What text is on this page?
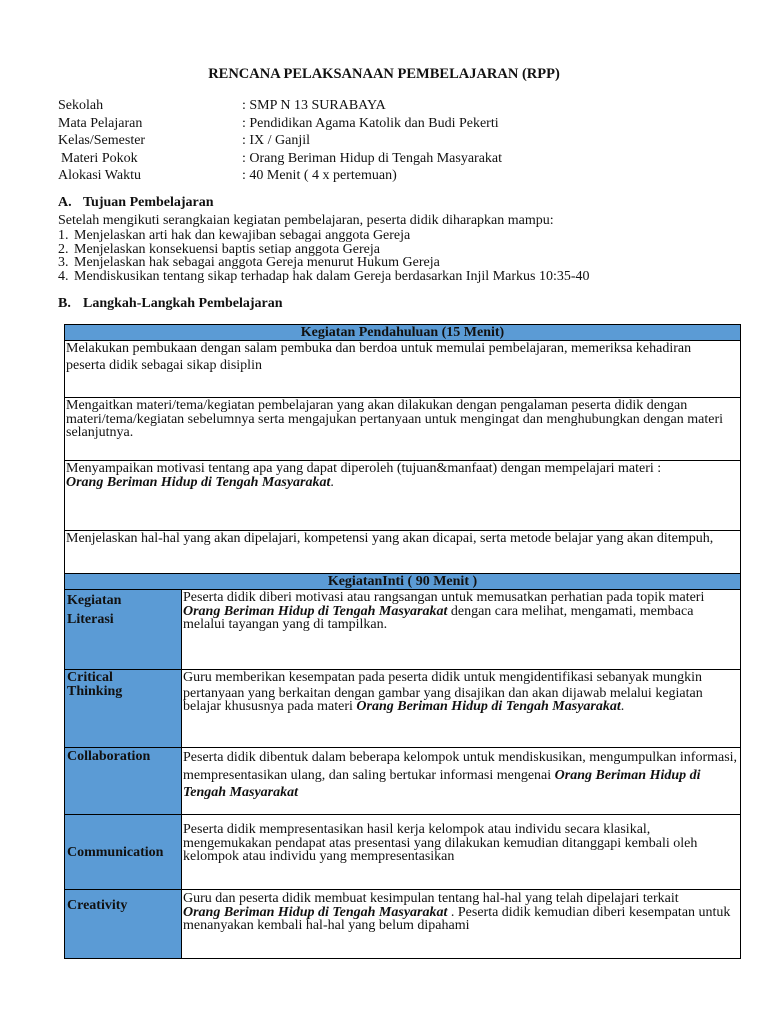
RENCANA PELAKSANAAN PEMBELAJARAN (RPP)
Sekolah	: SMP N 13 SURABAYA
Mata Pelajaran	: Pendidikan Agama Katolik dan Budi Pekerti
Kelas/Semester	: IX / Ganjil
Materi Pokok	: Orang Beriman Hidup di Tengah Masyarakat
Alokasi Waktu	: 40 Menit ( 4 x pertemuan)
A. Tujuan Pembelajaran
Setelah mengikuti serangkaian kegiatan pembelajaran, peserta didik diharapkan mampu:
1. Menjelaskan arti hak dan kewajiban sebagai anggota Gereja
2. Menjelaskan konsekuensi baptis setiap anggota Gereja
3. Menjelaskan hak sebagai anggota Gereja menurut Hukum Gereja
4. Mendiskusikan tentang sikap terhadap hak dalam Gereja berdasarkan Injil Markus 10:35-40
B. Langkah-Langkah Pembelajaran
Kegiatan Pendahuluan (15 Menit)	

Melakukan pembukaan dengan salam pembuka dan berdoa untuk memulai pembelajaran, memeriksa kehadiran
peserta didik sebagai sikap disiplin	

Mengaitkan materi/tema/kegiatan pembelajaran yang akan dilakukan dengan pengalaman peserta didik dengan
materi/tema/kegiatan sebelumnya serta mengajukan pertanyaan untuk mengingat dan menghubungkan dengan materi selanjutnya.	

Menyampaikan motivasi tentang apa yang dapat diperoleh (tujuan&manfaat) dengan mempelajari materi :
Orang Beriman Hidup di Tengah Masyarakat.	

Menjelaskan hal-hal yang akan dipelajari, kompetensi yang akan dicapai, serta metode belajar yang akan ditempuh,	

KegiatanInti ( 90 Menit )	

Kegiatan Literasi	Peserta didik diberi motivasi atau rangsangan untuk memusatkan perhatian pada topik materi
Orang Beriman Hidup di Tengah Masyarakat dengan cara melihat, mengamati, membaca melalui tayangan yang di tampilkan.

Critical Thinking	Guru memberikan kesempatan pada peserta didik untuk mengidentifikasi sebanyak mungkin
pertanyaan yang berkaitan dengan gambar yang disajikan dan akan dijawab melalui kegiatan belajar khususnya pada materi Orang Beriman Hidup di Tengah Masyarakat.

Collaboration	Peserta didik dibentuk dalam beberapa kelompok untuk mendiskusikan, mengumpulkan informasi, mempresentasikan ulang, dan saling bertukar informasi mengenai Orang Beriman Hidup di Tengah Masyarakat

Communication	Peserta didik mempresentasikan hasil kerja kelompok atau individu secara klasikal,
mengemukakan pendapat atas presentasi yang dilakukan kemudian ditanggapi kembali oleh kelompok atau individu yang mempresentasikan

Creativity	Guru dan peserta didik membuat kesimpulan tentang hal-hal yang telah dipelajari terkait
Orang Beriman Hidup di Tengah Masyarakat . Peserta didik kemudian diberi kesempatan untuk menanyakan kembali hal-hal yang belum dipahami
